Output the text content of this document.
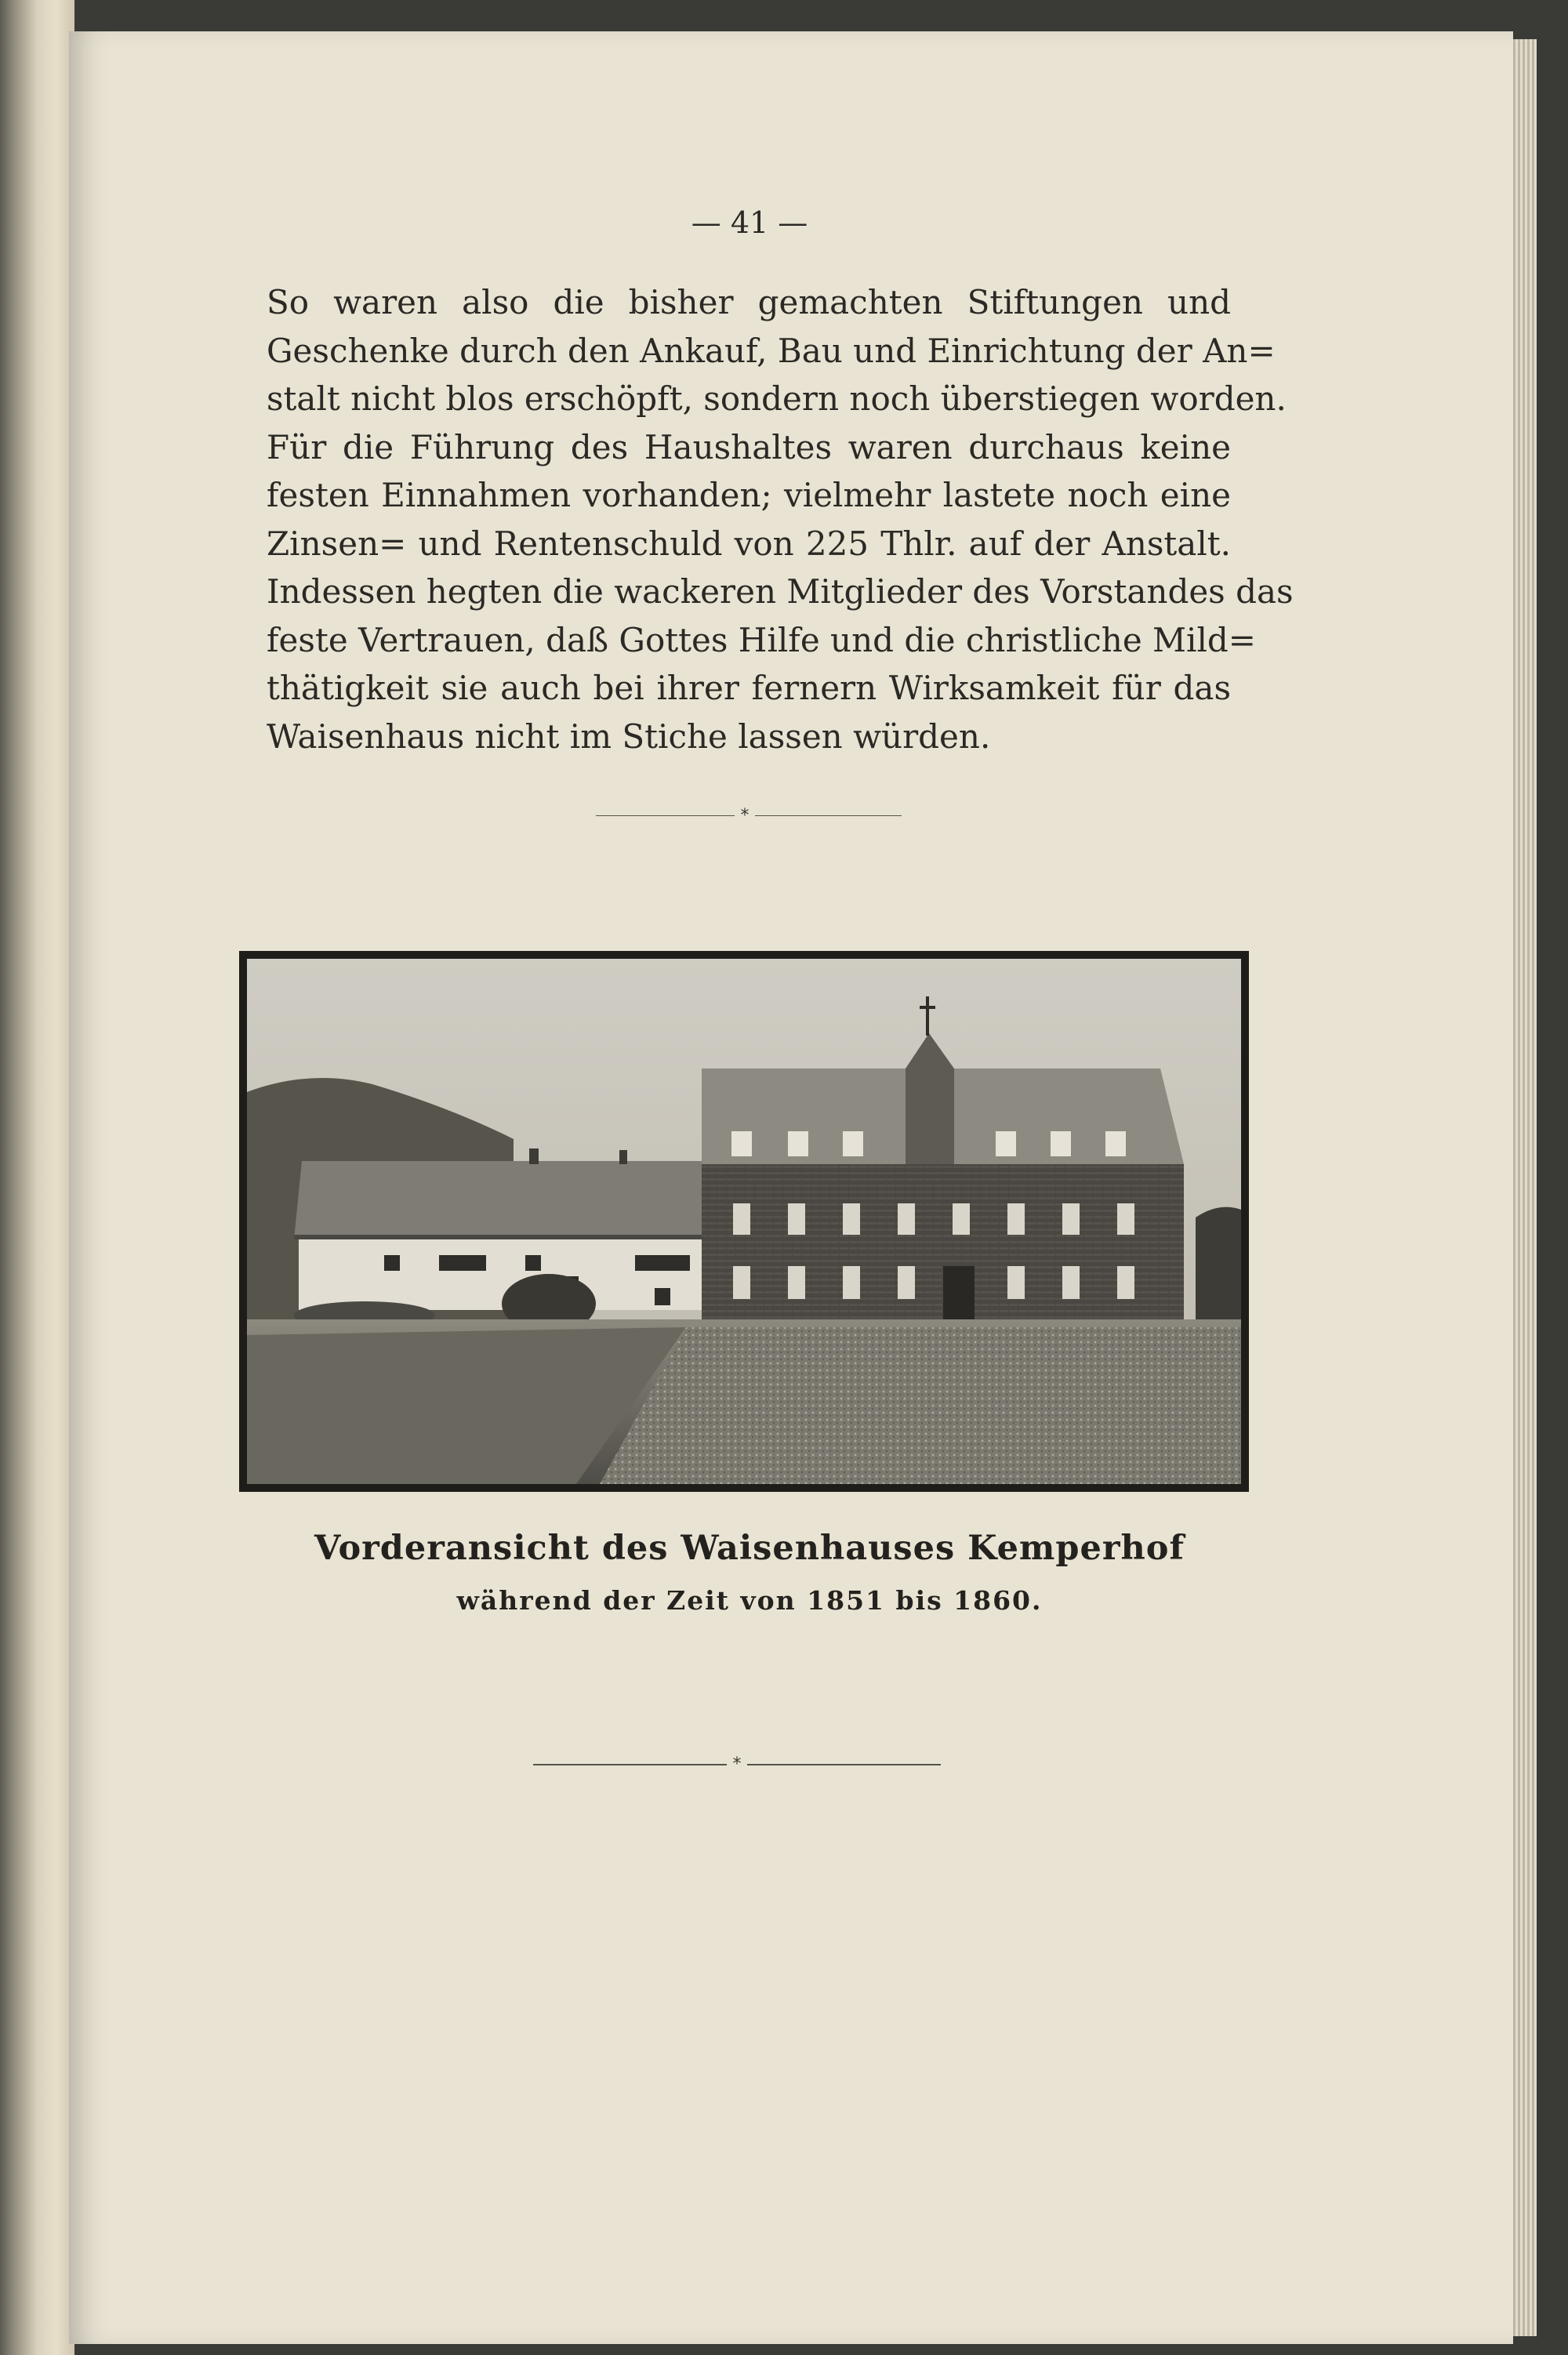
— 41 —
So waren also die bisher gemachten Stiftungen und
Geschenke durch den Ankauf, Bau und Einrichtung der An=
stalt nicht blos erschöpft, sondern noch überstiegen worden.
Für die Führung des Haushaltes waren durchaus keine
festen Einnahmen vorhanden; vielmehr lastete noch eine
Zinsen= und Rentenschuld von 225 Thlr. auf der Anstalt.
Indessen hegten die wackeren Mitglieder des Vorstandes das
feste Vertrauen, daß Gottes Hilfe und die christliche Mild=
thätigkeit sie auch bei ihrer fernern Wirksamkeit für das
Waisenhaus nicht im Stiche lassen würden.
*
Vorderansicht des Waisenhauses Kemperhof
während der Zeit von 1851 bis 1860.
*
